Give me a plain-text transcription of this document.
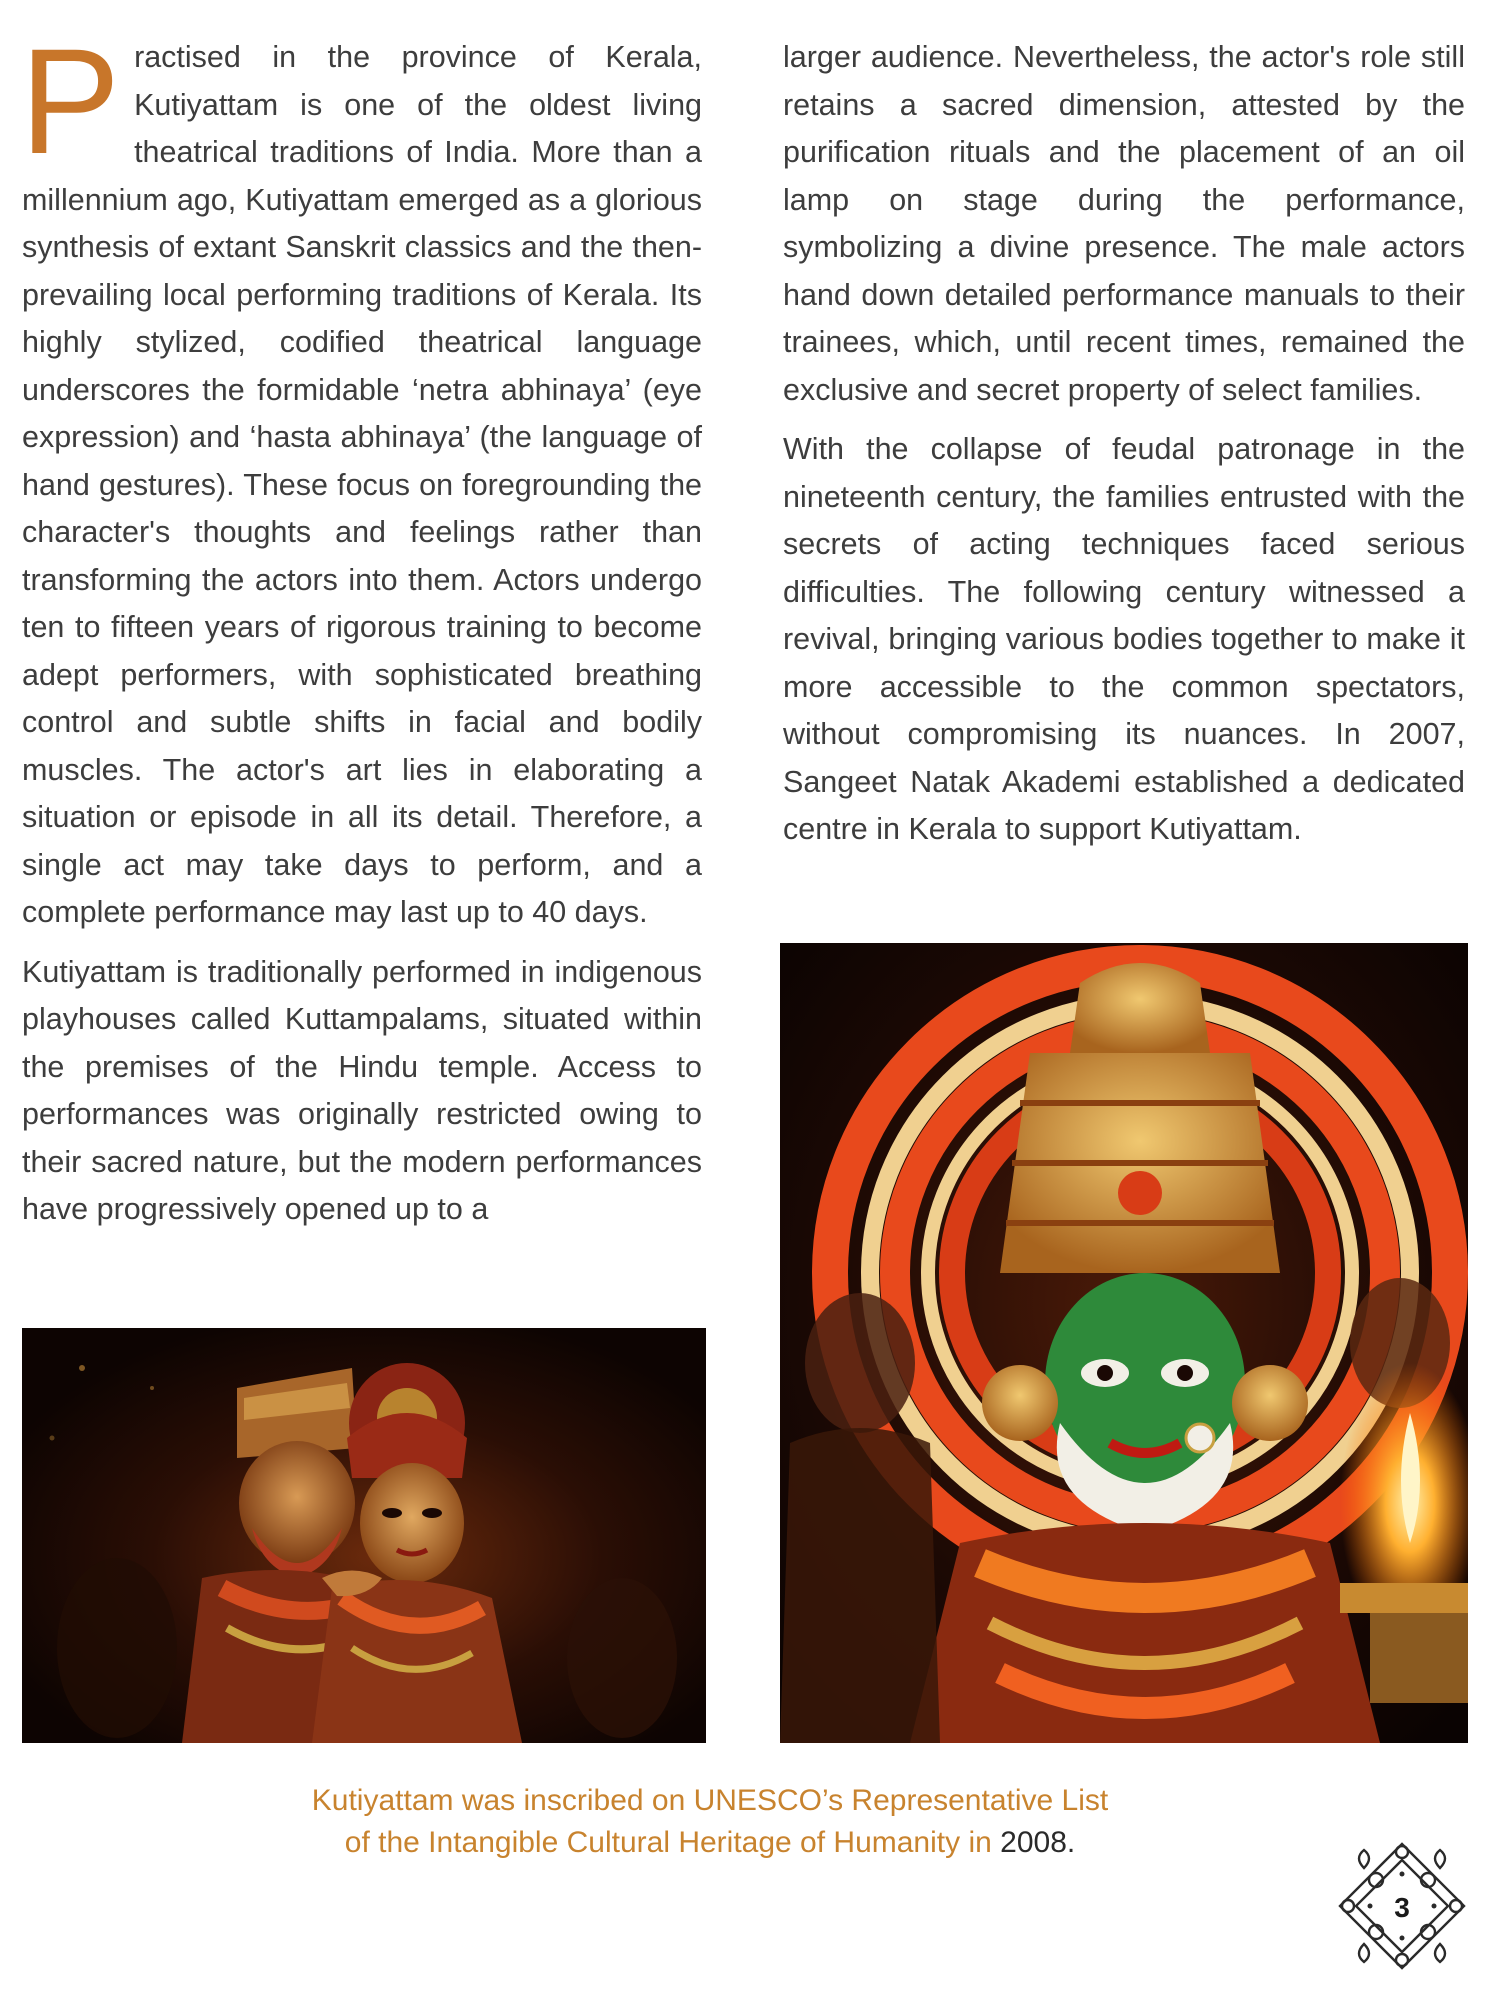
Practised in the province of Kerala, Kutiyattam is one of the oldest living theatrical traditions of India. More than a millennium ago, Kutiyattam emerged as a glorious synthesis of extant Sanskrit classics and the then-prevailing local performing traditions of Kerala. Its highly stylized, codified theatrical language underscores the formidable ‘netra abhinaya’ (eye expression) and ‘hasta abhinaya’ (the language of hand gestures). These focus on foregrounding the character's thoughts and feelings rather than transforming the actors into them. Actors undergo ten to fifteen years of rigorous training to become adept performers, with sophisticated breathing control and subtle shifts in facial and bodily muscles. The actor's art lies in elaborating a situation or episode in all its detail. Therefore, a single act may take days to perform, and a complete performance may last up to 40 days.

Kutiyattam is traditionally performed in indigenous playhouses called Kuttampalams, situated within the premises of the Hindu temple. Access to performances was originally restricted owing to their sacred nature, but the modern performances have progressively opened up to a

larger audience. Nevertheless, the actor's role still retains a sacred dimension, attested by the purification rituals and the placement of an oil lamp on stage during the performance, symbolizing a divine presence. The male actors hand down detailed performance manuals to their trainees, which, until recent times, remained the exclusive and secret property of select families.

With the collapse of feudal patronage in the nineteenth century, the families entrusted with the secrets of acting techniques faced serious difficulties. The following century witnessed a revival, bringing various bodies together to make it more accessible to the common spectators, without compromising its nuances. In 2007, Sangeet Natak Akademi established a dedicated centre in Kerala to support Kutiyattam.

Kutiyattam was inscribed on UNESCO’s Representative List
of the Intangible Cultural Heritage of Humanity in 2008.
3
